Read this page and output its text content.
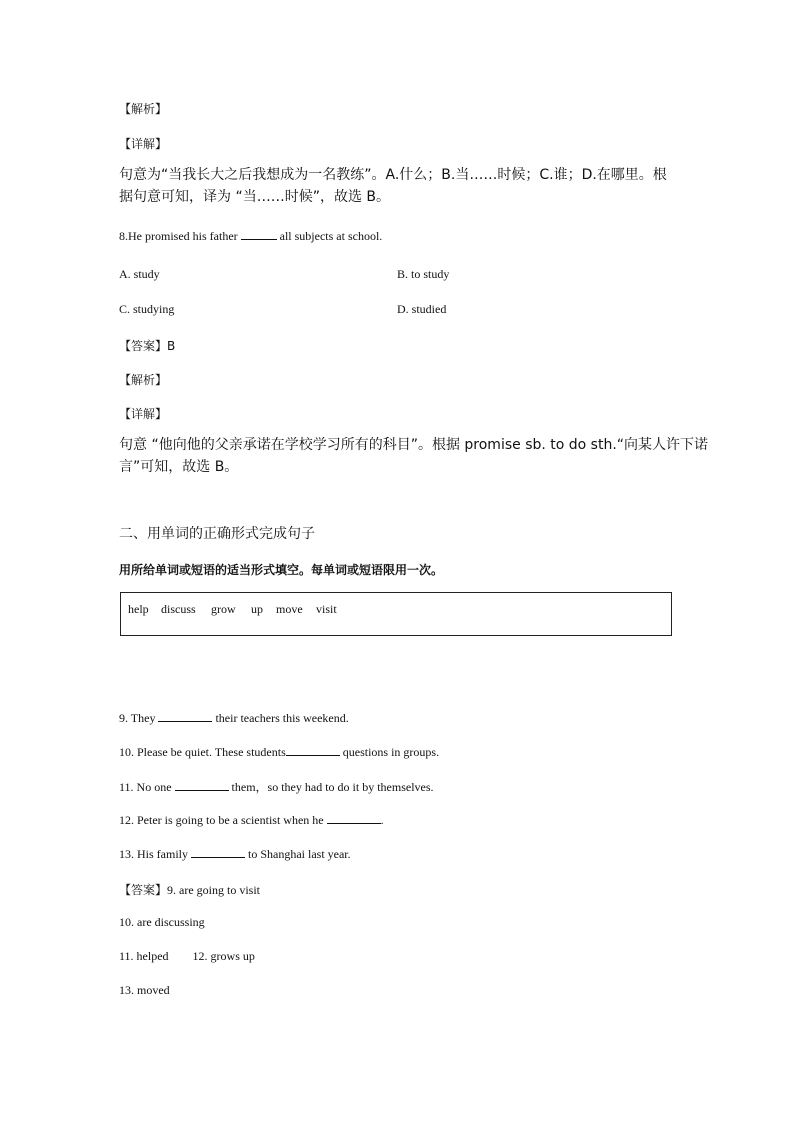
【解析】
【详解】
句意为“当我长大之后我想成为一名教练”。A.什么；B.当……时候；C.谁；D.在哪里。根
据句意可知，译为 “当……时候”，故选 B。
8.He promised his father	all subjects at school.
A. study	B. to study
C. studying	D. studied
【答案】B
【解析】
【详解】
句意 “他向他的父亲承诺在学校学习所有的科目”。根据 promise sb. to do sth.“向某人许下诺
言”可知，故选 B。
二、用单词的正确形式完成句子
用所给单词或短语的适当形式填空。每单词或短语限用一次。
help discuss grow up move visit
9. They	their teachers this weekend.
10. Please be quiet. These students	questions in groups.
11. No one	them，so they had to do it by themselves.
12. Peter is going to be a scientist when he	.
13. His family	to Shanghai last year.
【答案】9. are going to visit
10. are discussing
11. helped 12. grows up
13. moved
